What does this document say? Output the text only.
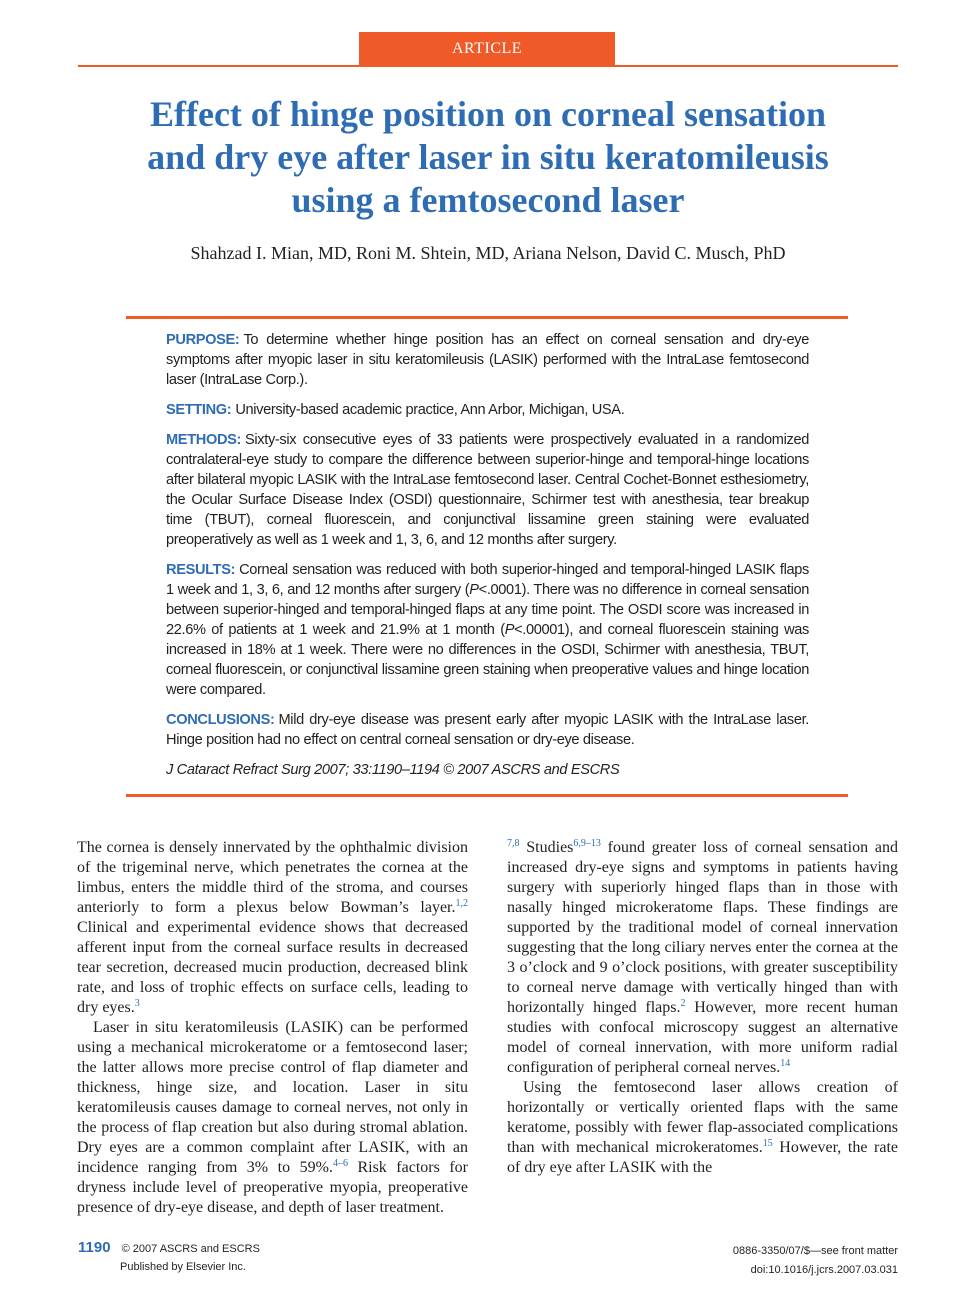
ARTICLE
Effect of hinge position on corneal sensation
and dry eye after laser in situ keratomileusis
using a femtosecond laser
Shahzad I. Mian, MD, Roni M. Shtein, MD, Ariana Nelson, David C. Musch, PhD

PURPOSE: To determine whether hinge position has an effect on corneal sensation and dry-eye symptoms after myopic laser in situ keratomileusis (LASIK) performed with the IntraLase femtosecond laser (IntraLase Corp.).

SETTING: University-based academic practice, Ann Arbor, Michigan, USA.

METHODS: Sixty-six consecutive eyes of 33 patients were prospectively evaluated in a randomized contralateral-eye study to compare the difference between superior-hinge and temporal-hinge locations after bilateral myopic LASIK with the IntraLase femtosecond laser. Central Cochet-Bonnet esthesiometry, the Ocular Surface Disease Index (OSDI) questionnaire, Schirmer test with anesthesia, tear breakup time (TBUT), corneal fluorescein, and conjunctival lissamine green staining were evaluated preoperatively as well as 1 week and 1, 3, 6, and 12 months after surgery.

RESULTS: Corneal sensation was reduced with both superior-hinged and temporal-hinged LASIK flaps 1 week and 1, 3, 6, and 12 months after surgery (P<.0001). There was no difference in corneal sensation between superior-hinged and temporal-hinged flaps at any time point. The OSDI score was increased in 22.6% of patients at 1 week and 21.9% at 1 month (P<.00001), and corneal fluorescein staining was increased in 18% at 1 week. There were no differences in the OSDI, Schirmer with anesthesia, TBUT, corneal fluorescein, or conjunctival lissamine green staining when preoperative values and hinge location were compared.

CONCLUSIONS: Mild dry-eye disease was present early after myopic LASIK with the IntraLase laser. Hinge position had no effect on central corneal sensation or dry-eye disease.

J Cataract Refract Surg 2007; 33:1190–1194 © 2007 ASCRS and ESCRS

The cornea is densely innervated by the ophthalmic division of the trigeminal nerve, which penetrates the cornea at the limbus, enters the middle third of the stroma, and courses anteriorly to form a plexus below Bowman’s layer.$^{1,2}$ Clinical and experimental evidence shows that decreased afferent input from the corneal surface results in decreased tear secretion, decreased mucin production, decreased blink rate, and loss of trophic effects on surface cells, leading to dry eyes.$^3$

Laser in situ keratomileusis (LASIK) can be performed using a mechanical microkeratome or a femtosecond laser; the latter allows more precise control of flap diameter and thickness, hinge size, and location. Laser in situ keratomileusis causes damage to corneal nerves, not only in the process of flap creation but also during stromal ablation. Dry eyes are a common complaint after LASIK, with an incidence ranging from 3% to 59%.$^{4-6}$ Risk factors for dryness include level of preoperative myopia, preoperative presence of dry-eye disease, and depth of laser treatment.

$^{7,8}$ Studies$^{6,9-13}$ found greater loss of corneal sensation and increased dry-eye signs and symptoms in patients having surgery with superiorly hinged flaps than in those with nasally hinged microkeratome flaps. These findings are supported by the traditional model of corneal innervation suggesting that the long ciliary nerves enter the cornea at the 3 o’clock and 9 o’clock positions, with greater susceptibility to corneal nerve damage with vertically hinged than with horizontally hinged flaps.$^2$ However, more recent human studies with confocal microscopy suggest an alternative model of corneal innervation, with more uniform radial configuration of peripheral corneal nerves.$^{14}$

Using the femtosecond laser allows creation of horizontally or vertically oriented flaps with the same keratome, possibly with fewer flap-associated complications than with mechanical microkeratomes.$^{15}$ However, the rate of dry eye after LASIK with the

1190 © 2007 ASCRS and ESCRS
Published by Elsevier Inc.
0886-3350/07/$—see front matter
doi:10.1016/j.jcrs.2007.03.031
